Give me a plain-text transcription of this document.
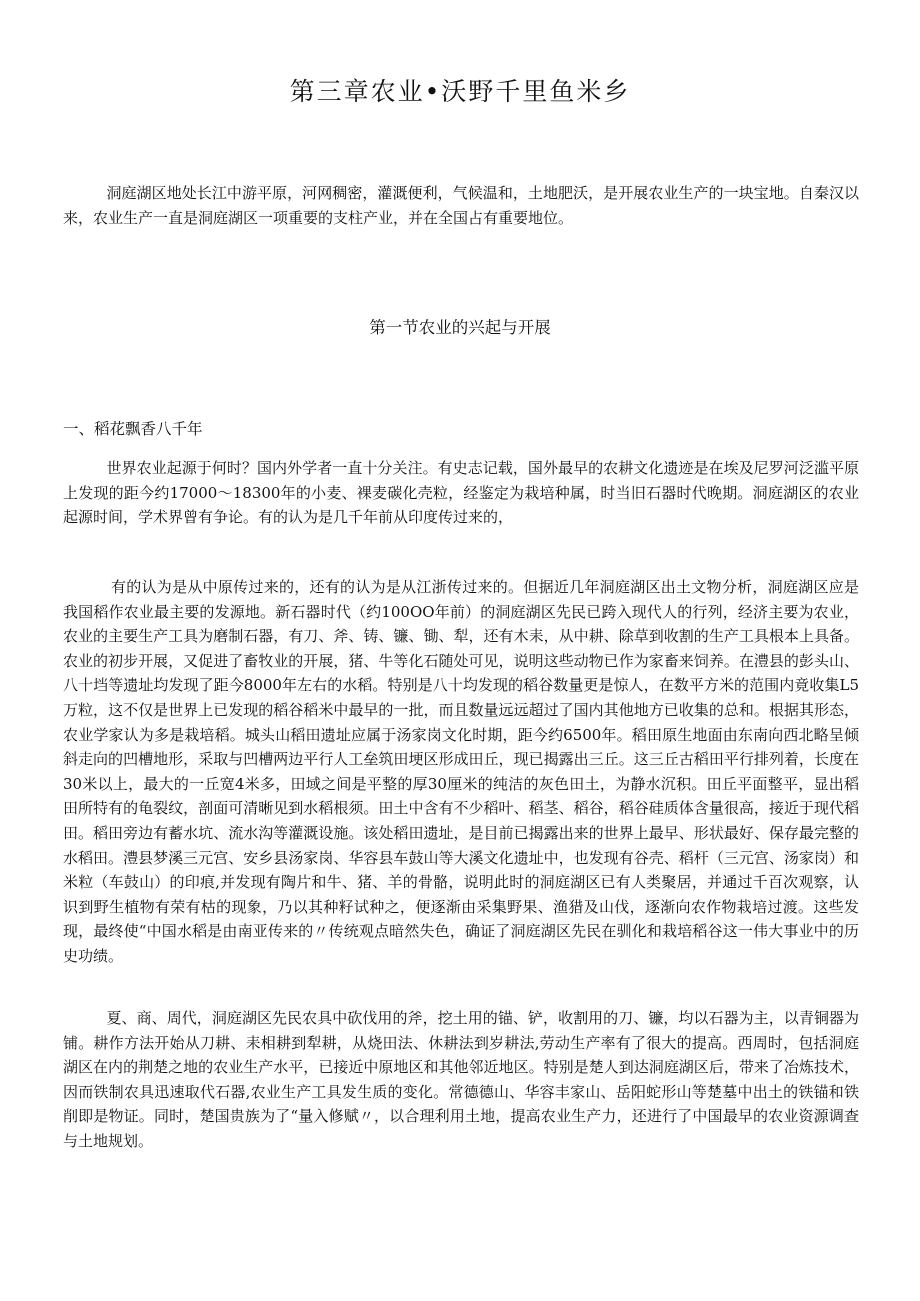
第三章农业•沃野千里鱼米乡

洞庭湖区地处长江中游平原，河网稠密，灌溉便利，气候温和，土地肥沃，是开展农业生产的一块宝地。自秦汉以来，农业生产一直是洞庭湖区一项重要的支柱产业，并在全国占有重要地位。

第一节农业的兴起与开展
一、稻花飘香八千年

世界农业起源于何时？国内外学者一直十分关注。有史志记载，国外最早的农耕文化遗迹是在埃及尼罗河泛滥平原上发现的距今约17000〜18300年的小麦、裸麦碳化壳粒，经鉴定为栽培种属，时当旧石器时代晚期。洞庭湖区的农业起源时间，学术界曾有争论。有的认为是几千年前从印度传过来的，

有的认为是从中原传过来的，还有的认为是从江浙传过来的。但据近几年洞庭湖区出土文物分析，洞庭湖区应是我国稻作农业最主要的发源地。新石器时代（约100OO年前）的洞庭湖区先民已跨入现代人的行列，经济主要为农业，农业的主要生产工具为磨制石器，有刀、斧、铸、镰、锄、犁，还有木耒，从中耕、除草到收割的生产工具根本上具备。农业的初步开展，又促进了畜牧业的开展，猪、牛等化石随处可见，说明这些动物已作为家畜来饲养。在澧县的彭头山、八十垱等遗址均发现了距今8000年左右的水稻。特别是八十均发现的稻谷数量更是惊人，在数平方米的范围内竟收集L5万粒，这不仅是世界上已发现的稻谷稻米中最早的一批，而且数量远远超过了国内其他地方已收集的总和。根据其形态，农业学家认为多是栽培稻。城头山稻田遗址应属于汤家岗文化时期，距今约6500年。稻田原生地面由东南向西北略呈倾斜走向的凹槽地形，采取与凹槽两边平行人工垒筑田埂区形成田丘，现已揭露出三丘。这三丘古稻田平行排列着，长度在30米以上，最大的一丘宽4米多，田域之间是平整的厚30厘米的纯洁的灰色田土，为静水沉积。田丘平面整平，显出稻田所特有的龟裂纹，剖面可清晰见到水稻根须。田土中含有不少稻叶、稻茎、稻谷，稻谷硅质体含量很高，接近于现代稻田。稻田旁边有蓄水坑、流水沟等灌溉设施。该处稻田遗址，是目前已揭露出来的世界上最早、形状最好、保存最完整的水稻田。澧县梦溪三元宫、安乡县汤家岗、华容县车鼓山等大溪文化遗址中，也发现有谷壳、稻杆（三元宫、汤家岗）和米粒（车鼓山）的印痕,并发现有陶片和牛、猪、羊的骨骼，说明此时的洞庭湖区已有人类聚居，并通过千百次观察，认识到野生植物有荣有枯的现象，乃以其种籽试种之，便逐渐由采集野果、渔猎及山伐，逐渐向农作物栽培过渡。这些发现，最终使“中国水稻是由南亚传来的〃传统观点暗然失色，确证了洞庭湖区先民在驯化和栽培稻谷这一伟大事业中的历史功绩。

夏、商、周代，洞庭湖区先民农具中砍伐用的斧，挖土用的锚、铲，收割用的刀、镰，均以石器为主，以青铜器为铺。耕作方法开始从刀耕、耒相耕到犁耕，从烧田法、休耕法到岁耕法,劳动生产率有了很大的提高。西周时，包括洞庭湖区在内的荆楚之地的农业生产水平，已接近中原地区和其他邻近地区。特别是楚人到达洞庭湖区后，带来了冶炼技术，因而铁制农具迅速取代石器,农业生产工具发生质的变化。常德德山、华容丰家山、岳阳蛇形山等楚墓中出土的铁锚和铁削即是物证。同时，楚国贵族为了“量入修赋〃，以合理利用土地，提高农业生产力，还进行了中国最早的农业资源调查与土地规划。
